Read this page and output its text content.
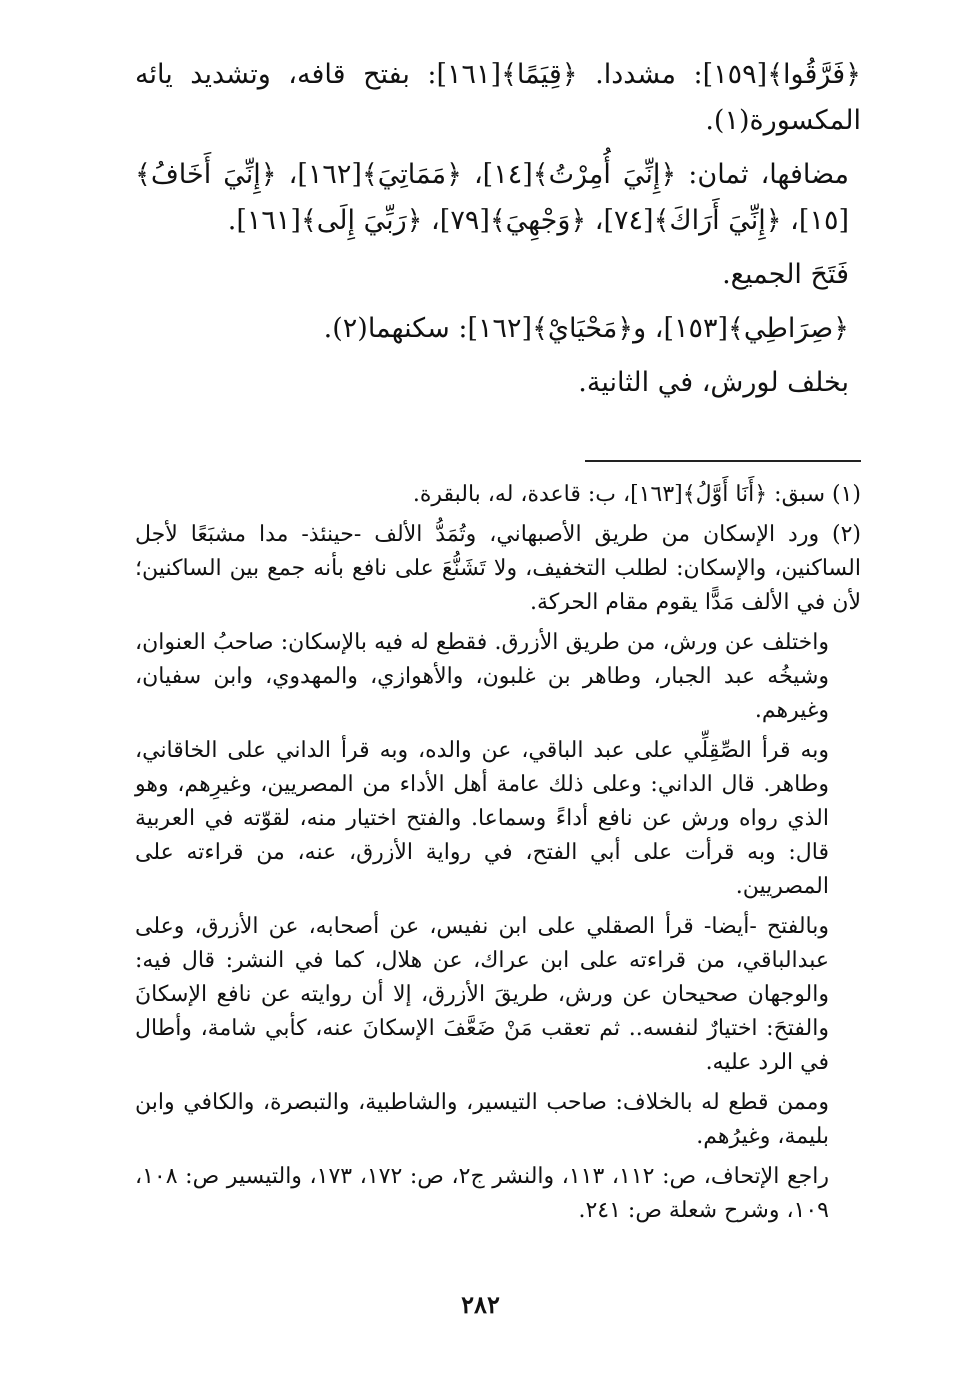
﴿فَرَّقُوا﴾[١٥٩]: مشددا. ﴿قِيَمًا﴾[١٦١]: بفتح قافه، وتشديد يائه المكسورة(١).

مضافها، ثمان: ﴿إِنِّيَ أُمِرْتُ﴾[١٤]، ﴿مَمَاتِيَ﴾[١٦٢]، ﴿إِنِّيَ أَخَافُ﴾[١٥]، ﴿إِنِّيَ أَرَاكَ﴾[٧٤]، ﴿وَجْهِيَ﴾[٧٩]، ﴿رَبِّيَ إِلَى﴾[١٦١].

فَتَحَ الجميع.

﴿صِرَاطِي﴾[١٥٣]، و﴿مَحْيَايْ﴾[١٦٢]: سكنهما(٢).

بخلف لورش، في الثانية.

(١) سبق: ﴿أَنَا أَوَّلُ﴾[١٦٣]، ب: قاعدة، له، بالبقرة.

(٢) ورد الإسكان من طريق الأصبهاني، وتُمَدُّ الألف -حينئذ- مدا مشبَعًا لأجل الساكنين، والإسكان: لطلب التخفيف، ولا تَشَنُّعَ على نافع بأنه جمع بين الساكنين؛ لأن في الألف مَدًّا يقوم مقام الحركة.

واختلف عن ورش، من طريق الأزرق. فقطع له فيه بالإسكان: صاحبُ العنوان، وشيخُه عبد الجبار، وطاهر بن غلبون، والأهوازي، والمهدوي، وابن سفيان، وغيرهم.

وبه قرأ الصِّقِلِّي على عبد الباقي، عن والده، وبه قرأ الداني على الخاقاني، وطاهر. قال الداني: وعلى ذلك عامة أهل الأداء من المصريين، وغيرِهم، وهو الذي رواه ورش عن نافع أداءً وسماعا. والفتح اختيار منه، لقوّته في العربية قال: وبه قرأت على أبي الفتح، في رواية الأزرق، عنه، من قراءته على المصريين.

وبالفتح -أيضا- قرأ الصقلي على ابن نفيس، عن أصحابه، عن الأزرق، وعلى عبدالباقي، من قراءته على ابن عراك، عن هلال، كما في النشر: قال فيه: والوجهان صحيحان عن ورش، طريقَ الأزرق، إلا أن روايته عن نافع الإسكانَ والفتحَ: اختيارٌ لنفسه.. ثم تعقب مَنْ ضَعَّفَ الإسكانَ عنه، كأبي شامة، وأطال في الرد عليه.

وممن قطع له بالخلاف: صاحب التيسير، والشاطبية، والتبصرة، والكافي وابن بليمة، وغيرُهم.

راجع الإتحاف، ص: ١١٢، ١١٣، والنشر ج٢، ص: ١٧٢، ١٧٣، والتيسير ص: ١٠٨، ١٠٩، وشرح شعلة ص: ٢٤١.

٢٨٢
